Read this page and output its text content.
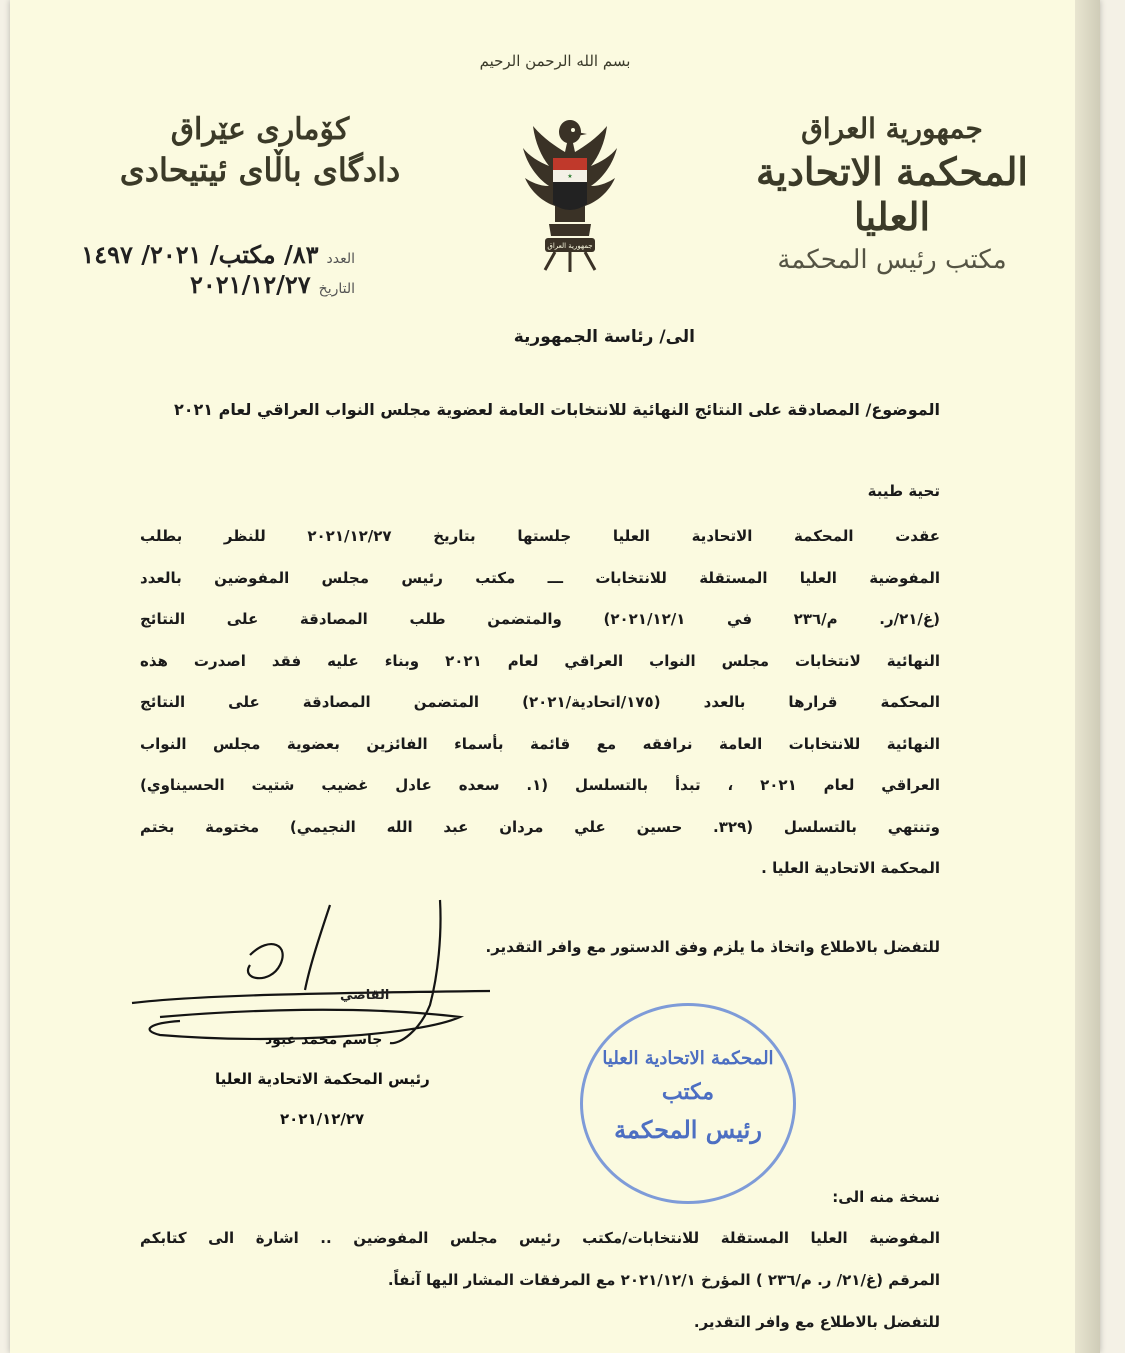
بسم الله الرحمن الرحيم
جمهورية العراق
المحكمة الاتحادية العليا
مكتب رئيس المحكمة
كۆماری عێراق
دادگای باڵای ئیتیحادی	★
جمهورية العراق
العدد
٨٣/ مكتب/ ٢٠٢١/ ١٤٩٧
التاريخ
٢٠٢١/١٢/٢٧
الى/ رئاسة الجمهورية
الموضوع/ المصادقة على النتائج النهائية للانتخابات العامة لعضوية مجلس النواب العراقي لعام ٢٠٢١
تحية طيبة
عقدت المحكمة الاتحادية العليا جلستها بتاريخ ٢٠٢١/١٢/٢٧ للنظر بطلب
المفوضية العليا المستقلة للانتخابات ـــ مكتب رئيس مجلس المفوضين بالعدد
(غ/٢١/ر. م/٢٣٦ في ٢٠٢١/١٢/١) والمتضمن طلب المصادقة على النتائج
النهائية لانتخابات مجلس النواب العراقي لعام ٢٠٢١ وبناء عليه فقد اصدرت هذه
المحكمة قرارها بالعدد (١٧٥/اتحادية/٢٠٢١) المتضمن المصادقة على النتائج
النهائية للانتخابات العامة نرافقه مع قائمة بأسماء الفائزين بعضوية مجلس النواب
العراقي لعام ٢٠٢١ ، تبدأ بالتسلسل (١. سعده عادل غضيب شتيت الحسيناوي)
وتنتهي بالتسلسل (٣٢٩. حسين علي مردان عبد الله النجيمي) مختومة بختم
المحكمة الاتحادية العليا .
للتفضل بالاطلاع واتخاذ ما يلزم وفق الدستور مع وافر التقدير.
القاضي
جاسم محمد عبود
رئيس المحكمة الاتحادية العليا
٢٠٢١/١٢/٢٧
المحكمة الاتحادية العليا
مكتب
رئيس المحكمة
نسخة منه الى:
المفوضية العليا المستقلة للانتخابات/مكتب رئيس مجلس المفوضين .. اشارة الى كتابكم
المرقم (غ/٢١/ ر. م/٢٣٦ ) المؤرخ ٢٠٢١/١٢/١ مع المرفقات المشار اليها آنفاً.
للتفضل بالاطلاع مع وافر التقدير.
